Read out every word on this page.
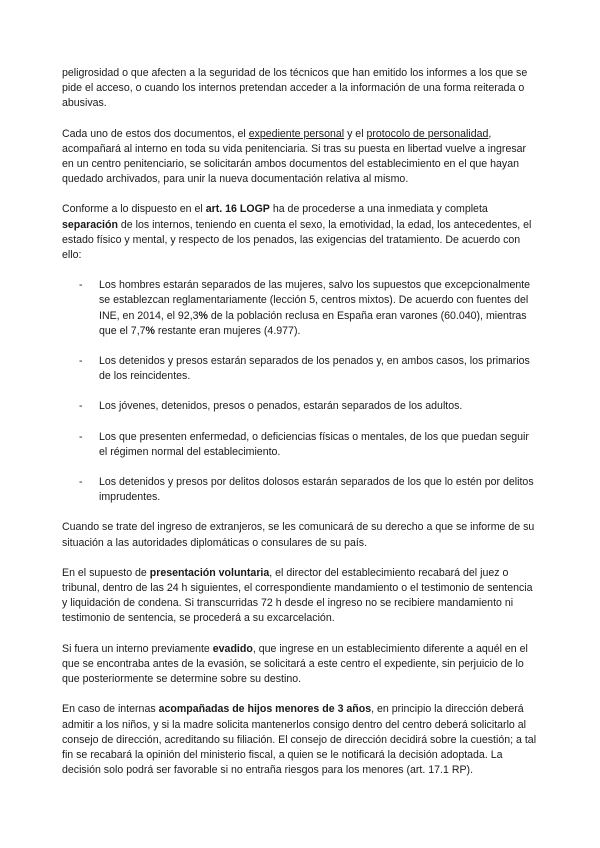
peligrosidad o que afecten a la seguridad de los técnicos que han emitido los informes a los que se pide el acceso, o cuando los internos pretendan acceder a la información de una forma reiterada o abusivas.

Cada uno de estos dos documentos, el expediente personal y el protocolo de personalidad, acompañará al interno en toda su vida penitenciaria. Si tras su puesta en libertad vuelve a ingresar en un centro penitenciario, se solicitarán ambos documentos del establecimiento en el que hayan quedado archivados, para unir la nueva documentación relativa al mismo.

Conforme a lo dispuesto en el art. 16 LOGP ha de procederse a una inmediata y completa separación de los internos, teniendo en cuenta el sexo, la emotividad, la edad, los antecedentes, el estado físico y mental, y respecto de los penados, las exigencias del tratamiento. De acuerdo con ello:

- Los hombres estarán separados de las mujeres, salvo los supuestos que excepcionalmente se establezcan reglamentariamente (lección 5, centros mixtos). De acuerdo con fuentes del INE, en 2014, el 92,3% de la población reclusa en España eran varones (60.040), mientras que el 7,7% restante eran mujeres (4.977).
- Los detenidos y presos estarán separados de los penados y, en ambos casos, los primarios de los reincidentes.
- Los jóvenes, detenidos, presos o penados, estarán separados de los adultos.
- Los que presenten enfermedad, o deficiencias físicas o mentales, de los que puedan seguir el régimen normal del establecimiento.
- Los detenidos y presos por delitos dolosos estarán separados de los que lo estén por delitos imprudentes.

Cuando se trate del ingreso de extranjeros, se les comunicará de su derecho a que se informe de su situación a las autoridades diplomáticas o consulares de su país.

En el supuesto de presentación voluntaria, el director del establecimiento recabará del juez o tribunal, dentro de las 24 h siguientes, el correspondiente mandamiento o el testimonio de sentencia y liquidación de condena. Si transcurridas 72 h desde el ingreso no se recibiere mandamiento ni testimonio de sentencia, se procederá a su excarcelación.

Si fuera un interno previamente evadido, que ingrese en un establecimiento diferente a aquél en el que se encontraba antes de la evasión, se solicitará a este centro el expediente, sin perjuicio de lo que posteriormente se determine sobre su destino.

En caso de internas acompañadas de hijos menores de 3 años, en principio la dirección deberá admitir a los niños, y si la madre solicita mantenerlos consigo dentro del centro deberá solicitarlo al consejo de dirección, acreditando su filiación. El consejo de dirección decidirá sobre la cuestión; a tal fin se recabará la opinión del ministerio fiscal, a quien se le notificará la decisión adoptada. La decisión solo podrá ser favorable si no entraña riesgos para los menores (art. 17.1 RP).
